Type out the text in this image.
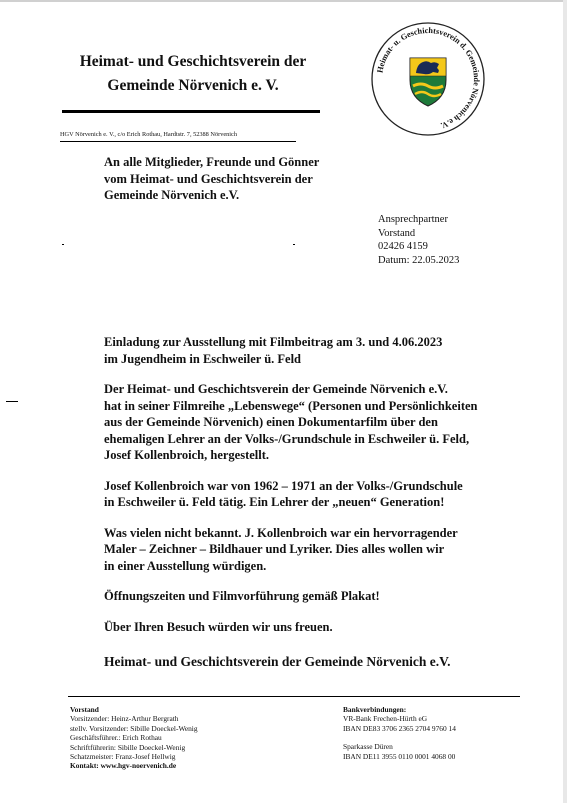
Heimat- und Geschichtsverein der
Gemeinde Nörvenich e. V.
HGV Nörvenich e. V., c/o Erich Rothau, Hardtstr. 7, 52388 Nörvenich
Heimat- u. Geschichtsverein d. Gemeinde Nörvenich e.V.
An alle Mitglieder, Freunde und Gönner
vom Heimat- und Geschichtsverein der
Gemeinde Nörvenich e.V.
Ansprechpartner
Vorstand
02426 4159
Datum: 22.05.2023

Einladung zur Ausstellung mit Filmbeitrag am 3. und 4.06.2023
im Jugendheim in Eschweiler ü. Feld

Der Heimat- und Geschichtsverein der Gemeinde Nörvenich e.V.
hat in seiner Filmreihe „Lebenswege“ (Personen und Persönlichkeiten
aus der Gemeinde Nörvenich) einen Dokumentarfilm über den
ehemaligen Lehrer an der Volks-/Grundschule in Eschweiler ü. Feld,
Josef Kollenbroich, hergestellt.

Josef Kollenbroich war von 1962 – 1971 an der Volks-/Grundschule
in Eschweiler ü. Feld tätig. Ein Lehrer der „neuen“ Generation!

Was vielen nicht bekannt. J. Kollenbroich war ein hervorragender
Maler – Zeichner – Bildhauer und Lyriker. Dies alles wollen wir
in einer Ausstellung würdigen.

Öffnungszeiten und Filmvorführung gemäß Plakat!

Über Ihren Besuch würden wir uns freuen.

Heimat- und Geschichtsverein der Gemeinde Nörvenich e.V.
Vorstand
Vorsitzender: Heinz-Arthur Bergrath
stellv. Vorsitzender: Sibille Doeckel-Wenig
Geschäftsführer.: Erich Rothau
Schriftführerin: Sibille Doeckel-Wenig
Schatzmeister: Franz-Josef Hellwig
Kontakt: www.hgv-noervenich.de
Bankverbindungen:
VR-Bank Frechen-Hürth eG
IBAN DE83 3706 2365 2704 9760 14
Sparkasse Düren
IBAN DE11 3955 0110 0001 4068 00
